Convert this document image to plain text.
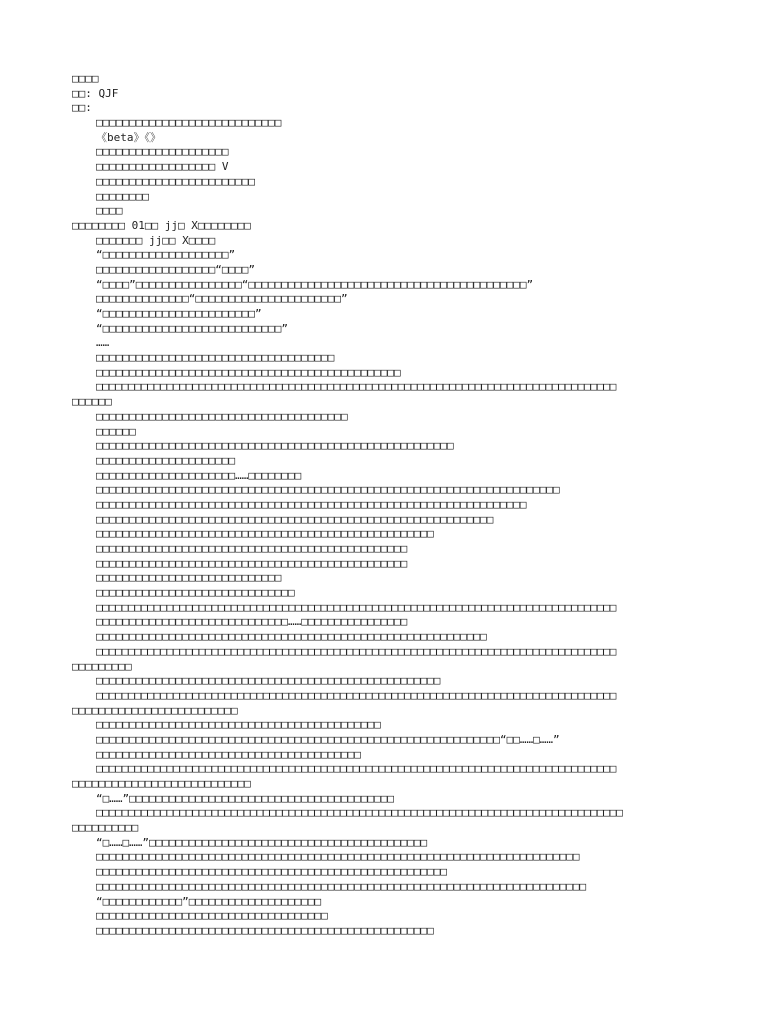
□□□□
□□: QJF
□□:
□□□□□□□□□□□□□□□□□□□□□□□□□□□□
《beta》《》
□□□□□□□□□□□□□□□□□□□□
□□□□□□□□□□□□□□□□□□ V
□□□□□□□□□□□□□□□□□□□□□□□□
□□□□□□□□
□□□□
□□□□□□□□ 01□□ jj□ X□□□□□□□□
□□□□□□□ jj□□ X□□□□
“□□□□□□□□□□□□□□□□□□□”
□□□□□□□□□□□□□□□□□□“□□□□”
“□□□□”□□□□□□□□□□□□□□□□“□□□□□□□□□□□□□□□□□□□□□□□□□□□□□□□□□□□□□□□□□□”
□□□□□□□□□□□□□□“□□□□□□□□□□□□□□□□□□□□□□”
“□□□□□□□□□□□□□□□□□□□□□□□”
“□□□□□□□□□□□□□□□□□□□□□□□□□□□”
……
□□□□□□□□□□□□□□□□□□□□□□□□□□□□□□□□□□□□
□□□□□□□□□□□□□□□□□□□□□□□□□□□□□□□□□□□□□□□□□□□□□□
□□□□□□□□□□□□□□□□□□□□□□□□□□□□□□□□□□□□□□□□□□□□□□□□□□□□□□□□□□□□□□□□□□□□□□□□□□□□□□□□□
□□□□□□
□□□□□□□□□□□□□□□□□□□□□□□□□□□□□□□□□□□□□□
□□□□□□
□□□□□□□□□□□□□□□□□□□□□□□□□□□□□□□□□□□□□□□□□□□□□□□□□□□□□□
□□□□□□□□□□□□□□□□□□□□□
□□□□□□□□□□□□□□□□□□□□□……□□□□□□□□
□□□□□□□□□□□□□□□□□□□□□□□□□□□□□□□□□□□□□□□□□□□□□□□□□□□□□□□□□□□□□□□□□□□□□□
□□□□□□□□□□□□□□□□□□□□□□□□□□□□□□□□□□□□□□□□□□□□□□□□□□□□□□□□□□□□□□□□□
□□□□□□□□□□□□□□□□□□□□□□□□□□□□□□□□□□□□□□□□□□□□□□□□□□□□□□□□□□□□
□□□□□□□□□□□□□□□□□□□□□□□□□□□□□□□□□□□□□□□□□□□□□□□□□□□
□□□□□□□□□□□□□□□□□□□□□□□□□□□□□□□□□□□□□□□□□□□□□□□
□□□□□□□□□□□□□□□□□□□□□□□□□□□□□□□□□□□□□□□□□□□□□□□
□□□□□□□□□□□□□□□□□□□□□□□□□□□□
□□□□□□□□□□□□□□□□□□□□□□□□□□□□□□
□□□□□□□□□□□□□□□□□□□□□□□□□□□□□□□□□□□□□□□□□□□□□□□□□□□□□□□□□□□□□□□□□□□□□□□□□□□□□□□□□
□□□□□□□□□□□□□□□□□□□□□□□□□□□□□……□□□□□□□□□□□□□□□□
□□□□□□□□□□□□□□□□□□□□□□□□□□□□□□□□□□□□□□□□□□□□□□□□□□□□□□□□□□□
□□□□□□□□□□□□□□□□□□□□□□□□□□□□□□□□□□□□□□□□□□□□□□□□□□□□□□□□□□□□□□□□□□□□□□□□□□□□□□□□□
□□□□□□□□□
□□□□□□□□□□□□□□□□□□□□□□□□□□□□□□□□□□□□□□□□□□□□□□□□□□□□
□□□□□□□□□□□□□□□□□□□□□□□□□□□□□□□□□□□□□□□□□□□□□□□□□□□□□□□□□□□□□□□□□□□□□□□□□□□□□□□□□
□□□□□□□□□□□□□□□□□□□□□□□□□
□□□□□□□□□□□□□□□□□□□□□□□□□□□□□□□□□□□□□□□□□□□
□□□□□□□□□□□□□□□□□□□□□□□□□□□□□□□□□□□□□□□□□□□□□□□□□□□□□□□□□□□□□“□□……□……”
□□□□□□□□□□□□□□□□□□□□□□□□□□□□□□□□□□□□□□□□
□□□□□□□□□□□□□□□□□□□□□□□□□□□□□□□□□□□□□□□□□□□□□□□□□□□□□□□□□□□□□□□□□□□□□□□□□□□□□□□□□
□□□□□□□□□□□□□□□□□□□□□□□□□□□
“□……”□□□□□□□□□□□□□□□□□□□□□□□□□□□□□□□□□□□□□□□□
□□□□□□□□□□□□□□□□□□□□□□□□□□□□□□□□□□□□□□□□□□□□□□□□□□□□□□□□□□□□□□□□□□□□□□□□□□□□□□□□□□
□□□□□□□□□□
“□……□……”□□□□□□□□□□□□□□□□□□□□□□□□□□□□□□□□□□□□□□□□□□
□□□□□□□□□□□□□□□□□□□□□□□□□□□□□□□□□□□□□□□□□□□□□□□□□□□□□□□□□□□□□□□□□□□□□□□□□
□□□□□□□□□□□□□□□□□□□□□□□□□□□□□□□□□□□□□□□□□□□□□□□□□□□□□
□□□□□□□□□□□□□□□□□□□□□□□□□□□□□□□□□□□□□□□□□□□□□□□□□□□□□□□□□□□□□□□□□□□□□□□□□□
“□□□□□□□□□□□□”□□□□□□□□□□□□□□□□□□□□
□□□□□□□□□□□□□□□□□□□□□□□□□□□□□□□□□□□
□□□□□□□□□□□□□□□□□□□□□□□□□□□□□□□□□□□□□□□□□□□□□□□□□□□
